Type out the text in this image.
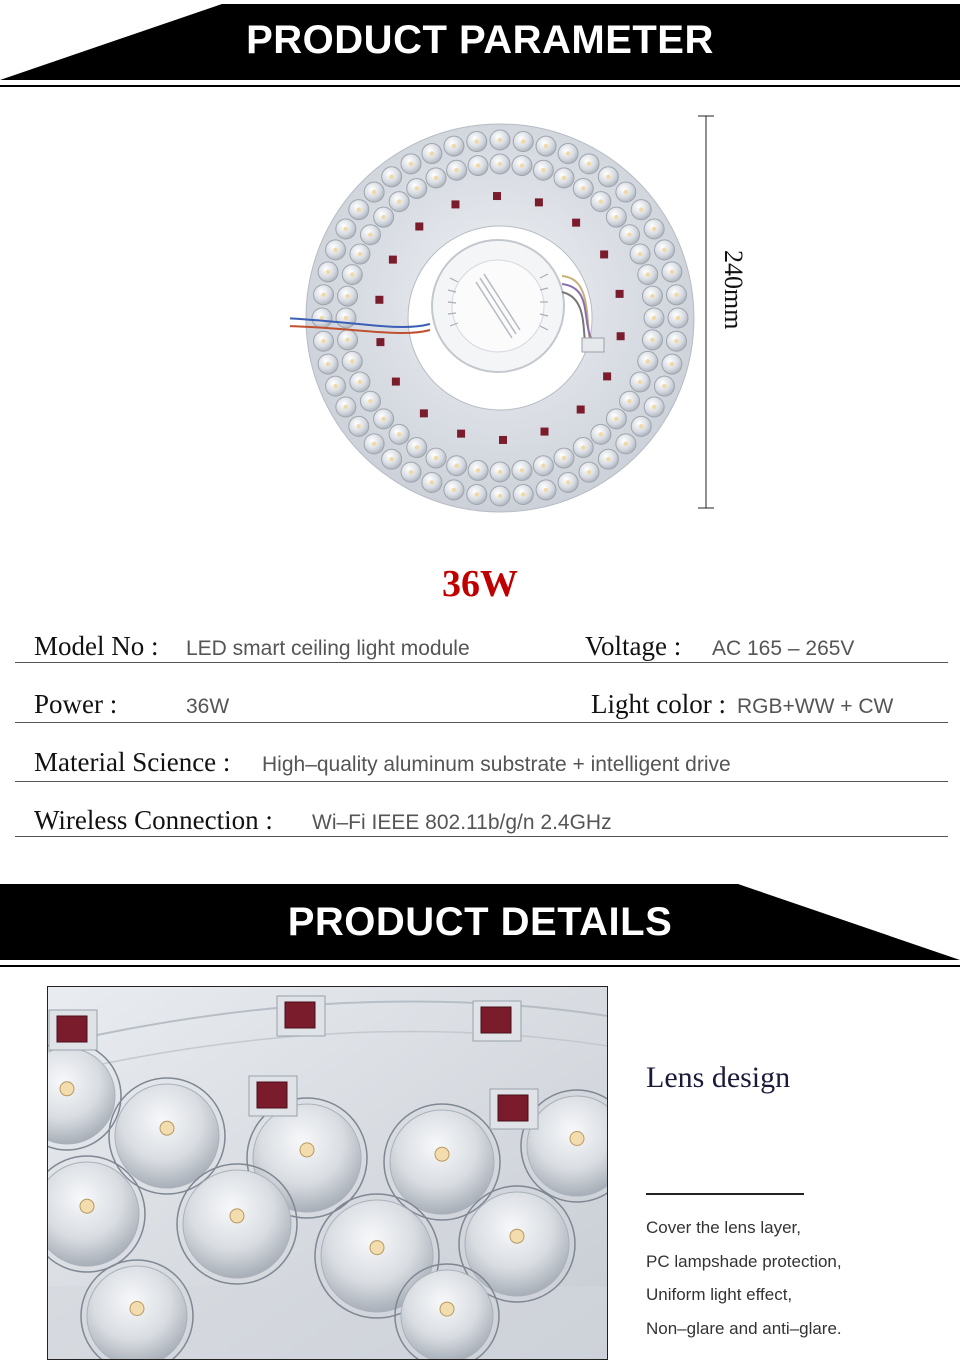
PRODUCT PARAMETER
240mm
36W
Model No : LED smart ceiling light module	Voltage : AC 165 – 265V
Power :	36W	Light color : RGB+WW + CW
Material Science : High–quality aluminum substrate + intelligent drive
Wireless Connection : Wi–Fi IEEE 802.11b/g/n 2.4GHz
PRODUCT DETAILS
Lens design
Cover the lens layer,
PC lampshade protection,
Uniform light effect,
Non–glare and anti–glare.
